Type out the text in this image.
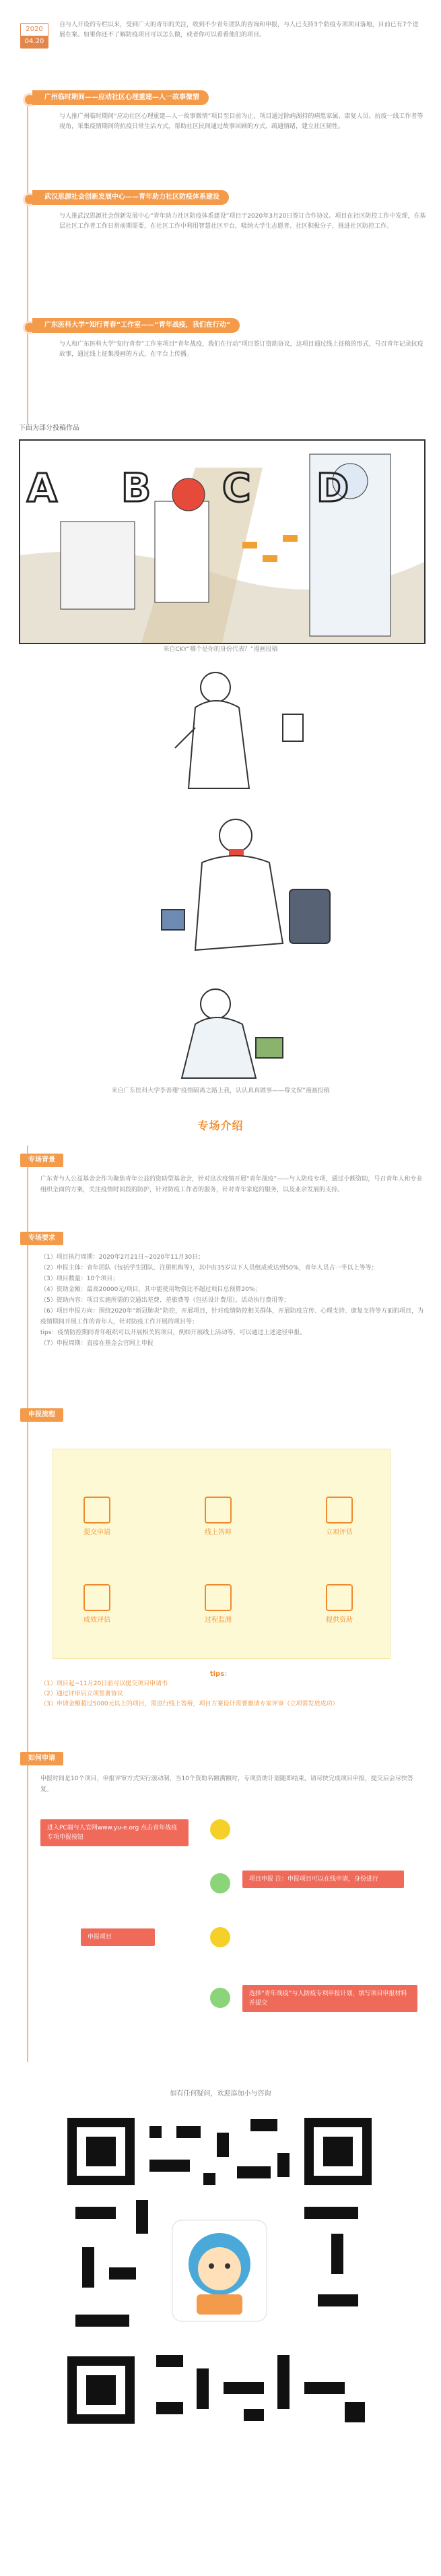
2020
04.20
自与人开设的专栏以来，受到广大的青年的关注，收到不少青年团队的咨询和申报，与人已支持3个防疫专项项目落地，目前已有7个进展在案。如果你还不了解防疫项目可以怎么做，或者你可以看看他们的项目。
广州临时期间——应动社区心理重建—人一故事微情
与人推广州临时期间“应动社区心理重建—人一故事微情”项目至目前为止，项目通过除病湖持的病患家属、康复人员、抗疫一线工作者等视角，采集疫情期间的抗疫日常生活方式，帮助社区民间通过故事回顾的方式，疏通情绪，建立社区韧性。
武汉思源社会创新发展中心——青年助力社区防疫体系建设
与人推武汉思源社会创新发展中心“青年助力社区防疫体系建设”项目于2020年3月20日签订合作协议。项目在社区防控工作中发现，在基层社区工作者工作日常前期需要，在社区工作中利用智慧社区平台，吸纳大学生志愿者、社区积极分子，推进社区防控工作。
广东医科大学“知行青春”工作室——“青年战疫，我们在行动”
与人和广东医科大学“知行青春”工作室项目“青年战疫，我们在行动”项目签订资助协议，这项目通过线上征稿的形式，号召青年记录抗疫故事，通过线上征集漫画的方式，在平台上传播。
下面为部分投稿作品
A B C D
来自CKY“哪个是你的身份代表？”漫画投稿
来自广东医科大学李善珊“疫情隔离之路上我，认认真真做事——莓文保”漫画投稿
专场介绍
专场背景
广东青与人公益基金会作为聚焦青年公益的资助型基金会，针对这次疫情开展“青年战疫”——与人防疫专项，通过小额资助，号召青年人和专业组织全面的方案，关注疫情时间段的防护，针对防疫工作者的服务，针对青年家庭的服务，以及业余发展的支持。
专场要求
（1）项目执行周期：2020年2月21日~2020年11月30日；
（2）申报主体：青年团队（包括学生团队、注册机构等），其中由35岁以下人员组成或达到50%，青年人员占一半以上等等；
（3）项目数量：10个项目；
（4）资助金额：最高20000元/项目，其中能使用物资比不超过项目总预算20%；
（5）资助内容：项目实施所需的交通出差费、差旅费等（包括设计费用），活动执行费用等；
（6）项目申报方向：围绕2020年“新冠肺炎”防控，开展项目，针对疫情防控相关群体，开展防疫宣传、心理支持、康复支持等方面的项目，为疫情期间开展工作的青年人，针对防疫工作开展的项目等；
tips：疫情防控期间青年组织可以开展相关的项目，例如开展线上活动等，可以通过上述途径申报。
（7）申报周期：直接在基金会官网上申报
申报流程
提交申请	线上答辩	立项评估
成效评估	过程监测	提供资助
tips：
（1）项目起~11月20日前可以提交项目申请书
（2）通过评审后立项签署协议
（3）申请金额超过5000元以上的项目，需进行线上答辩，项目方案设计需要邀请专家评审（立项需发放成功）
如何申请
申报时间是10个项目，申报评审方式实行滚动制，当10个资助名额满额时，专项资助计划随即结束。请尽快完成项目申报，提交后会尽快答复。
进入PC端与人官网www.yu-e.org 点击青年战疫专项申报按钮
项目申报 注：申报项目可以在线申请，身份进行
申报项目
选择“青年战疫”与人防疫专项申报计划，填写项目申报材料并提交
如有任何疑问，欢迎添加小与咨询
